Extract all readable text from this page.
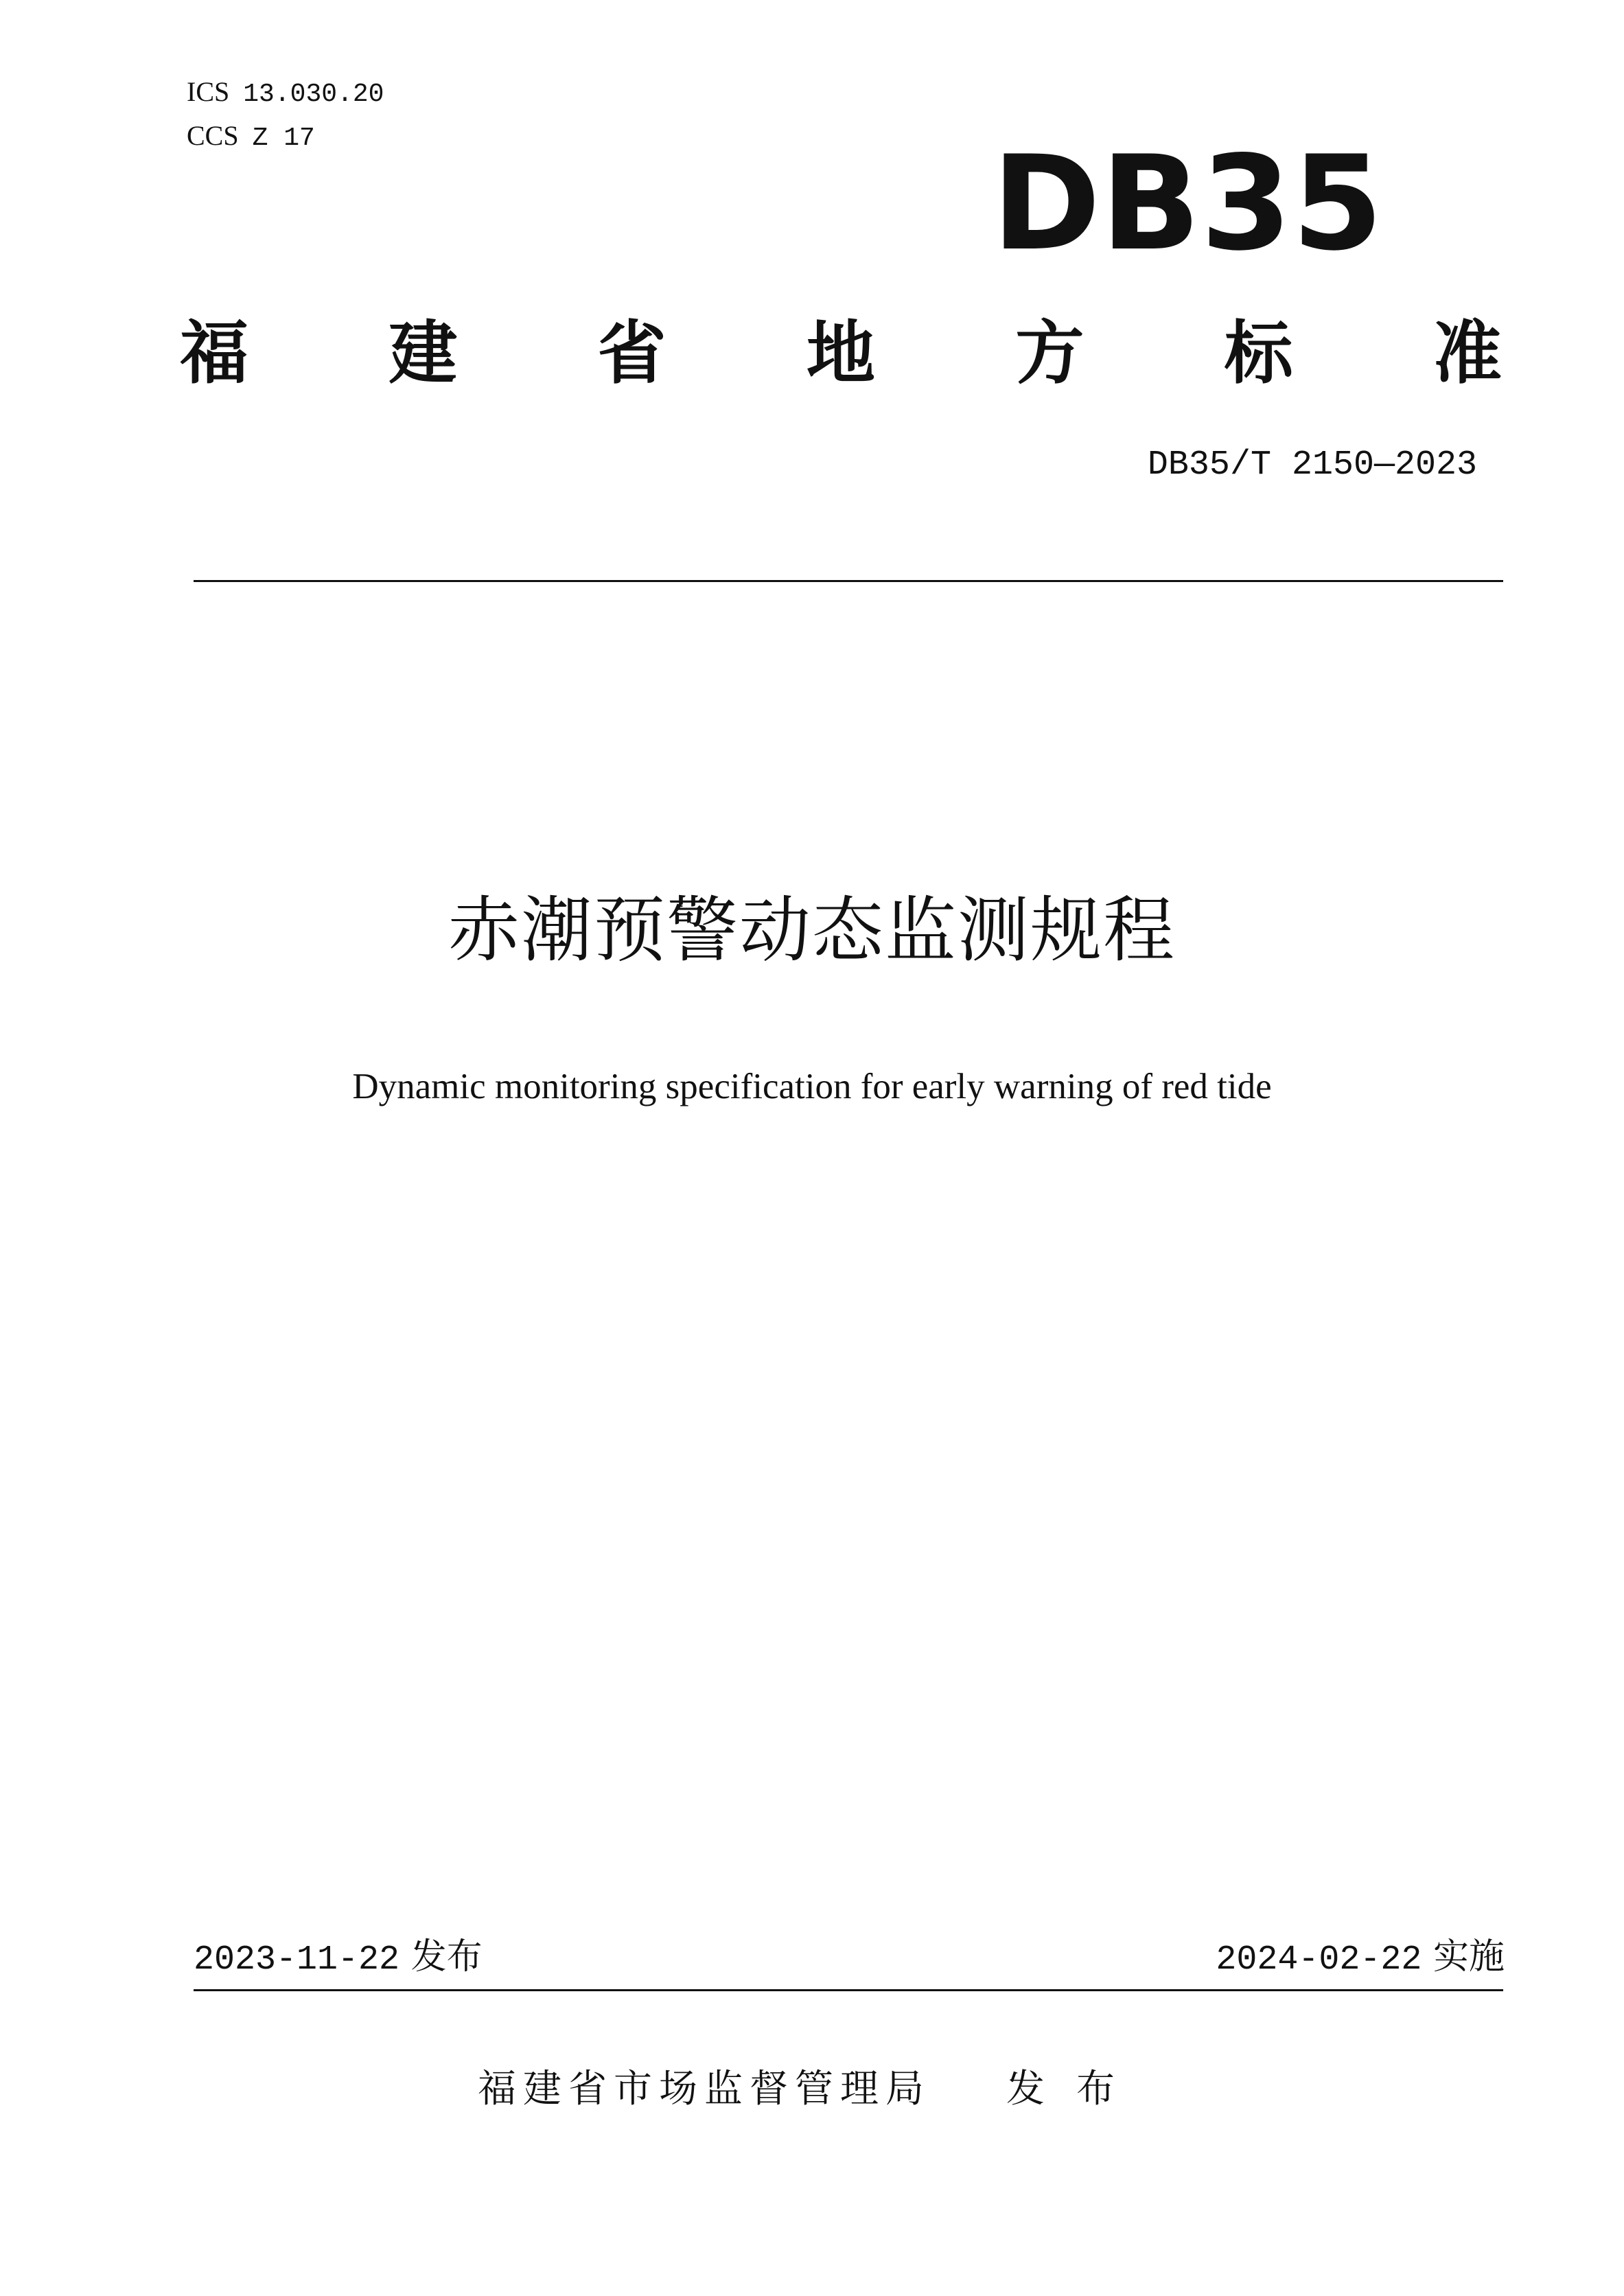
ICS 13.030.20
CCS Z 17	DB35
福 建 省 地 方 标 准
DB35/T 2150—2023
赤潮预警动态监测规程
Dynamic monitoring specification for early warning of red tide
2023-11-22 发布	2024-02-22 实施
福建省市场监督管理局 发布
